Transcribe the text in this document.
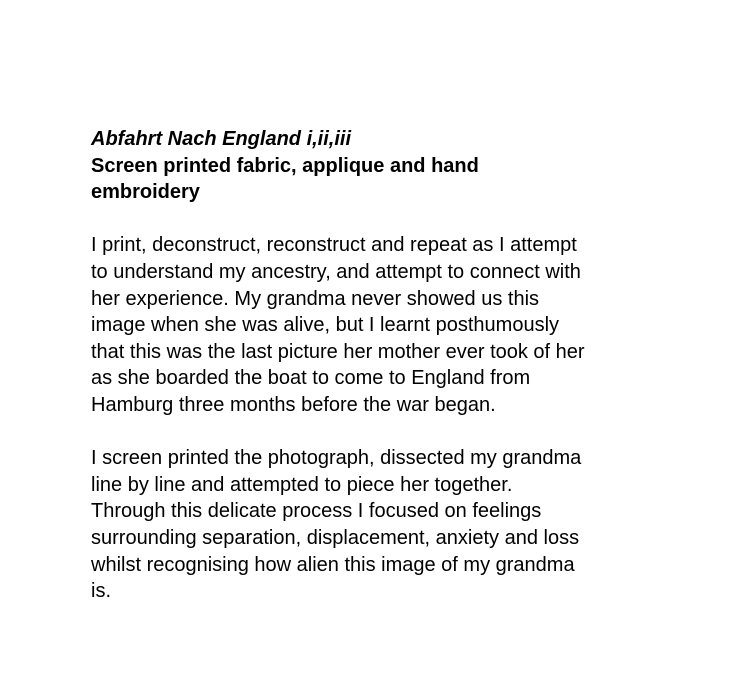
Abfahrt Nach England i,ii,iii
Screen printed fabric, applique and hand
embroidery
I print, deconstruct, reconstruct and repeat as I attempt
to understand my ancestry, and attempt to connect with
her experience. My grandma never showed us this
image when she was alive, but I learnt posthumously
that this was the last picture her mother ever took of her
as she boarded the boat to come to England from
Hamburg three months before the war began.
I screen printed the photograph, dissected my grandma
line by line and attempted to piece her together.
Through this delicate process I focused on feelings
surrounding separation, displacement, anxiety and loss
whilst recognising how alien this image of my grandma
is.
